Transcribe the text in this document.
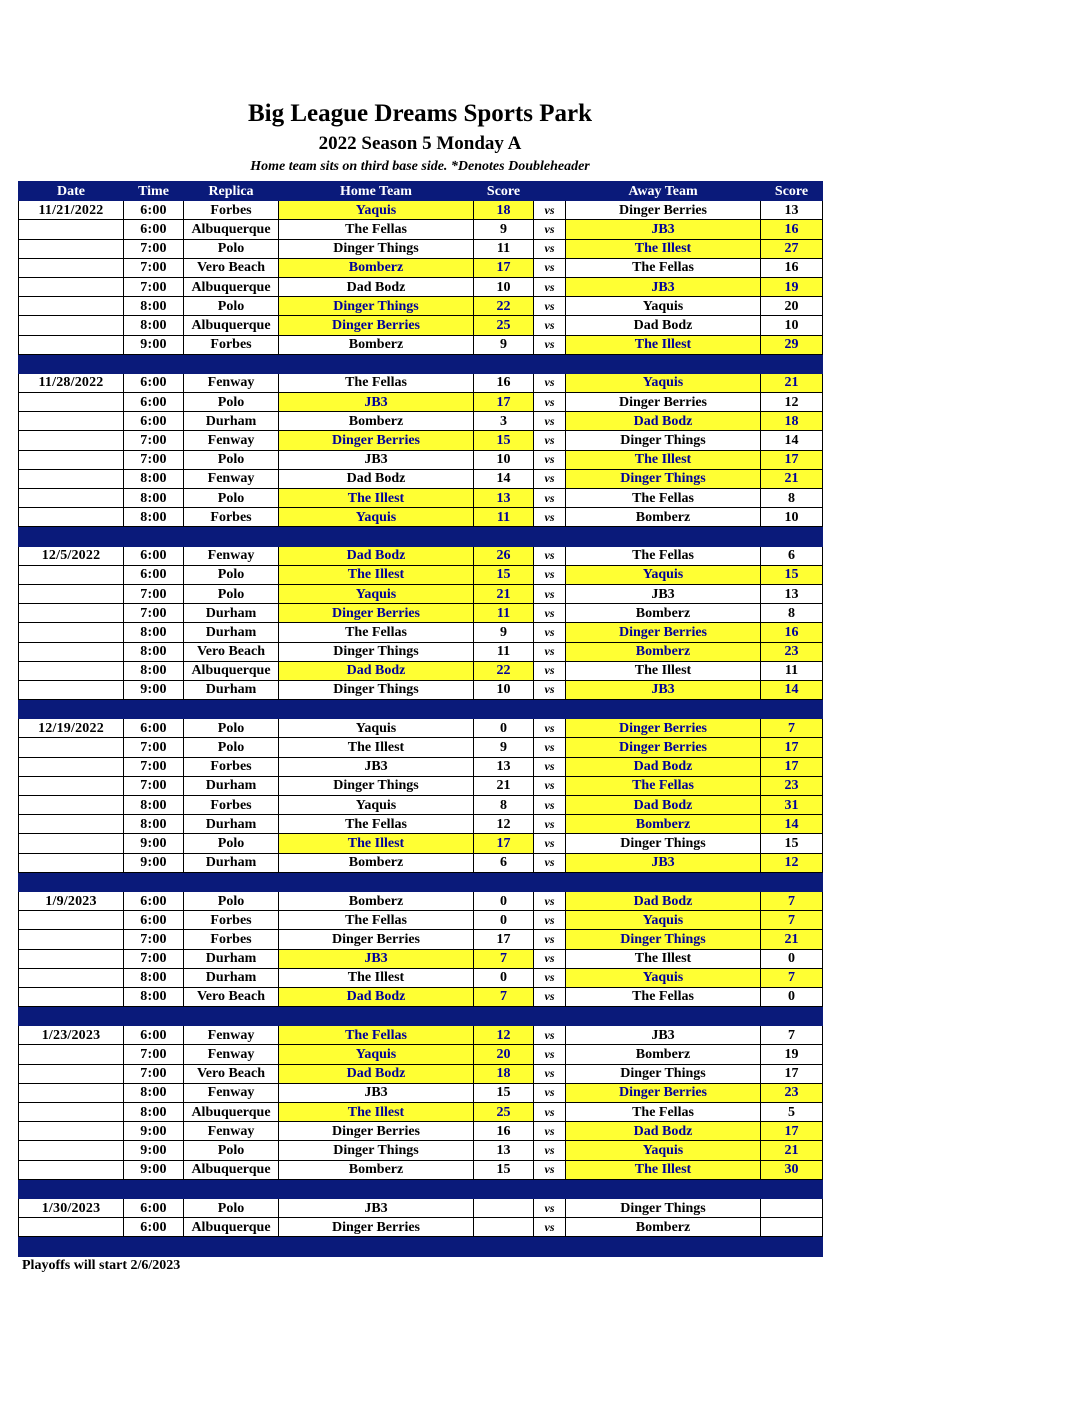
Big League Dreams Sports Park
2022 Season 5 Monday A
Home team sits on third base side. *Denotes Doubleheader
Date	Time	Replica	Home Team	Score		Away Team	Score
11/21/2022	6:00	Forbes	Yaquis	18	vs	Dinger Berries	13
	6:00	Albuquerque	The Fellas	9	vs	JB3	16
	7:00	Polo	Dinger Things	11	vs	The Illest	27
	7:00	Vero Beach	Bomberz	17	vs	The Fellas	16
	7:00	Albuquerque	Dad Bodz	10	vs	JB3	19
	8:00	Polo	Dinger Things	22	vs	Yaquis	20
	8:00	Albuquerque	Dinger Berries	25	vs	Dad Bodz	10
	9:00	Forbes	Bomberz	9	vs	The Illest	29

11/28/2022	6:00	Fenway	The Fellas	16	vs	Yaquis	21
	6:00	Polo	JB3	17	vs	Dinger Berries	12
	6:00	Durham	Bomberz	3	vs	Dad Bodz	18
	7:00	Fenway	Dinger Berries	15	vs	Dinger Things	14
	7:00	Polo	JB3	10	vs	The Illest	17
	8:00	Fenway	Dad Bodz	14	vs	Dinger Things	21
	8:00	Polo	The Illest	13	vs	The Fellas	8
	8:00	Forbes	Yaquis	11	vs	Bomberz	10

12/5/2022	6:00	Fenway	Dad Bodz	26	vs	The Fellas	6
	6:00	Polo	The Illest	15	vs	Yaquis	15
	7:00	Polo	Yaquis	21	vs	JB3	13
	7:00	Durham	Dinger Berries	11	vs	Bomberz	8
	8:00	Durham	The Fellas	9	vs	Dinger Berries	16
	8:00	Vero Beach	Dinger Things	11	vs	Bomberz	23
	8:00	Albuquerque	Dad Bodz	22	vs	The Illest	11
	9:00	Durham	Dinger Things	10	vs	JB3	14

12/19/2022	6:00	Polo	Yaquis	0	vs	Dinger Berries	7
	7:00	Polo	The Illest	9	vs	Dinger Berries	17
	7:00	Forbes	JB3	13	vs	Dad Bodz	17
	7:00	Durham	Dinger Things	21	vs	The Fellas	23
	8:00	Forbes	Yaquis	8	vs	Dad Bodz	31
	8:00	Durham	The Fellas	12	vs	Bomberz	14
	9:00	Polo	The Illest	17	vs	Dinger Things	15
	9:00	Durham	Bomberz	6	vs	JB3	12

1/9/2023	6:00	Polo	Bomberz	0	vs	Dad Bodz	7
	6:00	Forbes	The Fellas	0	vs	Yaquis	7
	7:00	Forbes	Dinger Berries	17	vs	Dinger Things	21
	7:00	Durham	JB3	7	vs	The Illest	0
	8:00	Durham	The Illest	0	vs	Yaquis	7
	8:00	Vero Beach	Dad Bodz	7	vs	The Fellas	0

1/23/2023	6:00	Fenway	The Fellas	12	vs	JB3	7
	7:00	Fenway	Yaquis	20	vs	Bomberz	19
	7:00	Vero Beach	Dad Bodz	18	vs	Dinger Things	17
	8:00	Fenway	JB3	15	vs	Dinger Berries	23
	8:00	Albuquerque	The Illest	25	vs	The Fellas	5
	9:00	Fenway	Dinger Berries	16	vs	Dad Bodz	17
	9:00	Polo	Dinger Things	13	vs	Yaquis	21
	9:00	Albuquerque	Bomberz	15	vs	The Illest	30

1/30/2023	6:00	Polo	JB3		vs	Dinger Things	
	6:00	Albuquerque	Dinger Berries		vs	Bomberz	

Playoffs will start 2/6/2023
